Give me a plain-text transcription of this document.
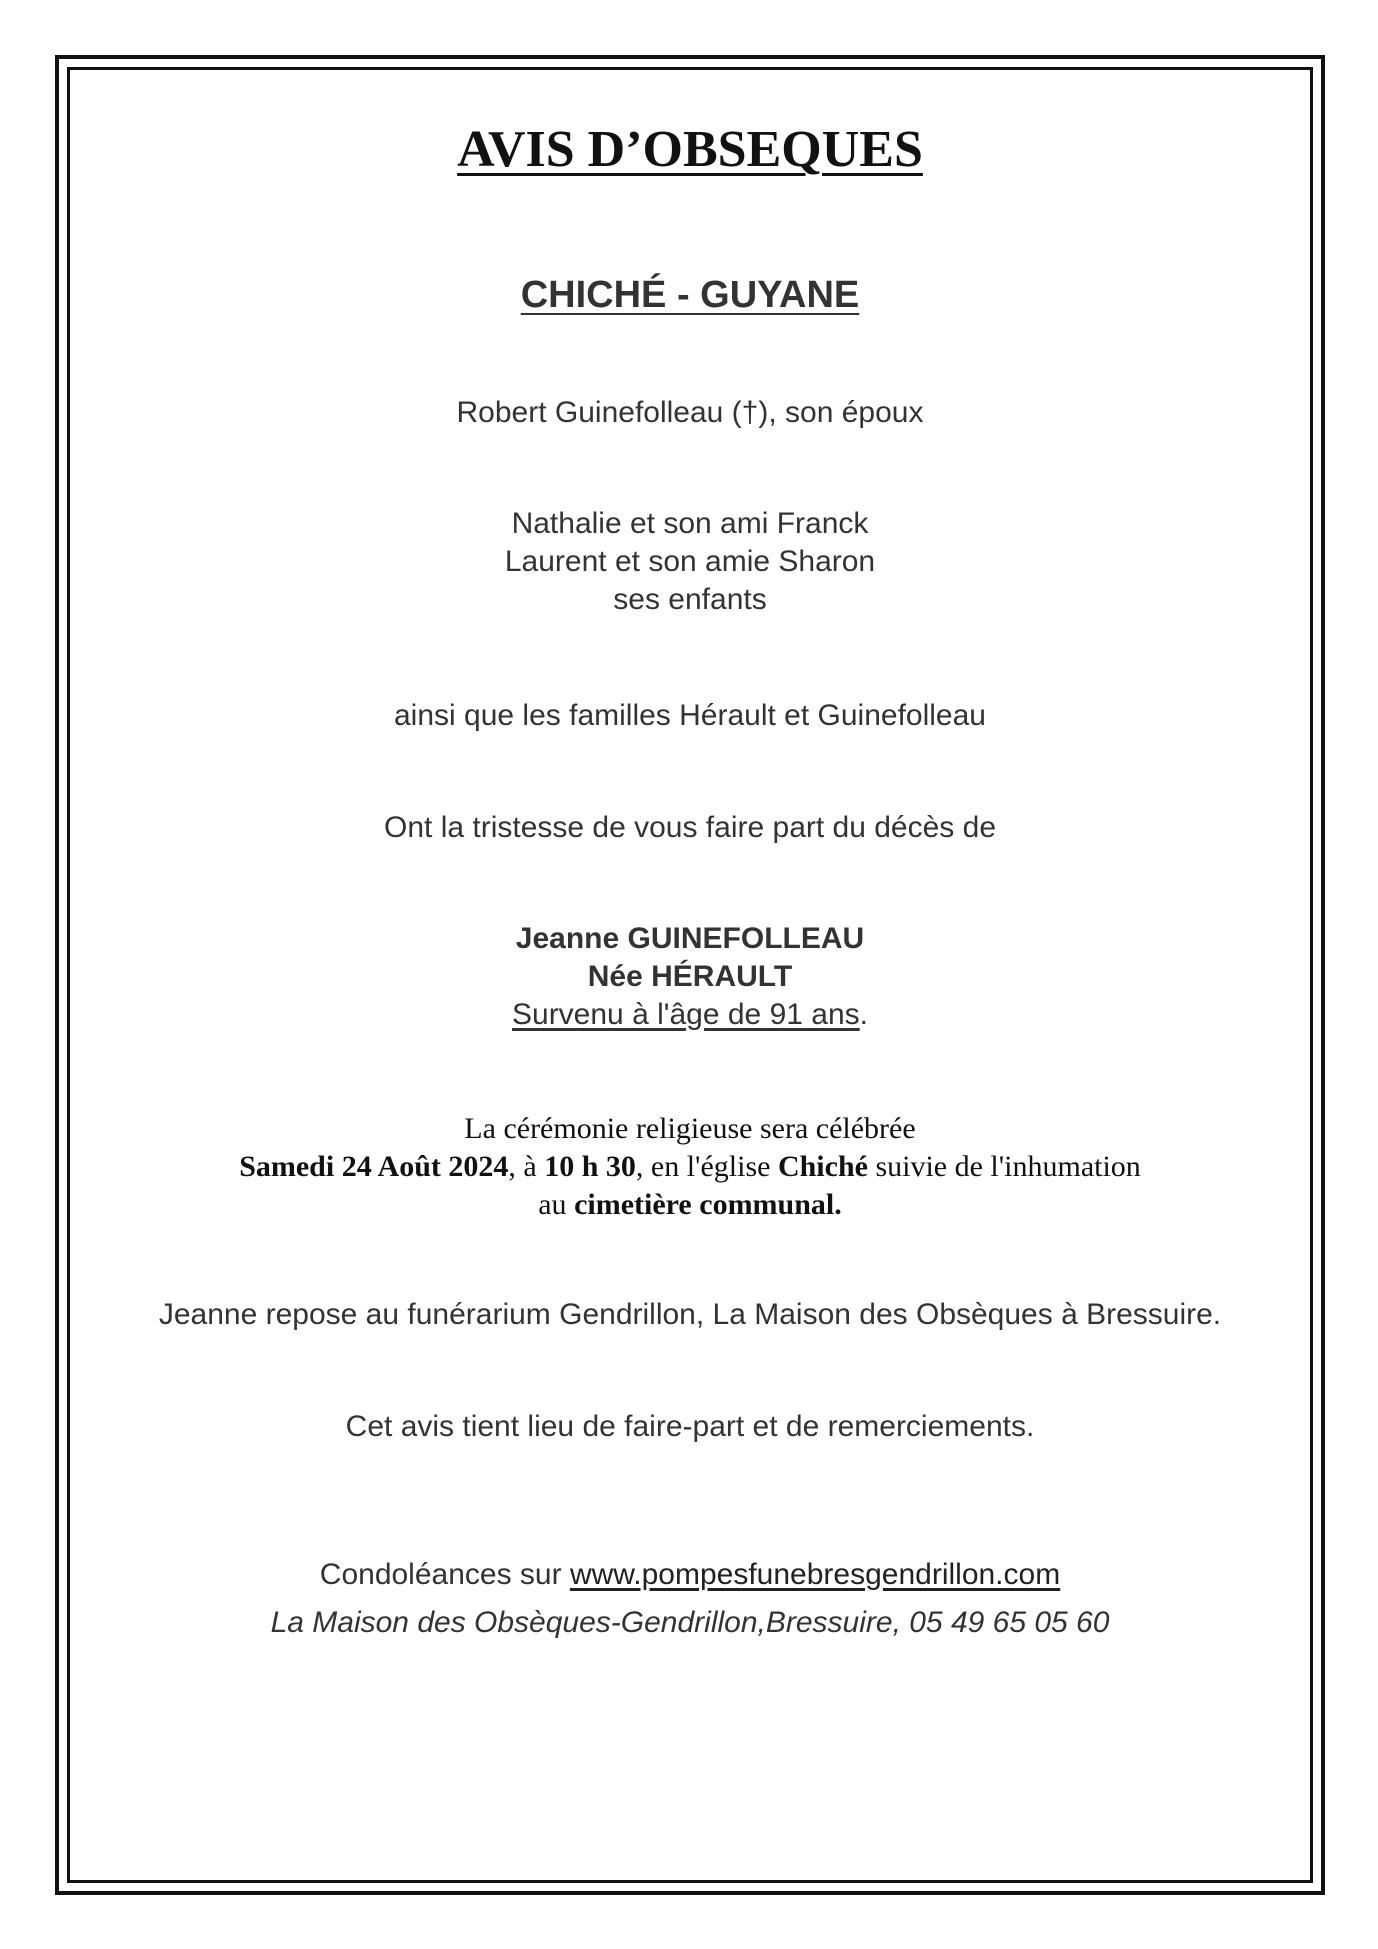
AVIS D’OBSEQUES
CHICHÉ - GUYANE

Robert Guinefolleau (†), son époux

Nathalie et son ami Franck

Laurent et son amie Sharon

ses enfants

ainsi que les familles Hérault et Guinefolleau

Ont la tristesse de vous faire part du décès de

Jeanne GUINEFOLLEAU

Née HÉRAULT

Survenu à l'âge de 91 ans.

La cérémonie religieuse sera célébrée

Samedi 24 Août 2024, à 10 h 30, en l'église Chiché suivie de l'inhumation

au cimetière communal.

Jeanne repose au funérarium Gendrillon, La Maison des Obsèques à Bressuire.

Cet avis tient lieu de faire-part et de remerciements.

Condoléances sur www.pompesfunebresgendrillon.com

La Maison des Obsèques-Gendrillon,Bressuire, 05 49 65 05 60
